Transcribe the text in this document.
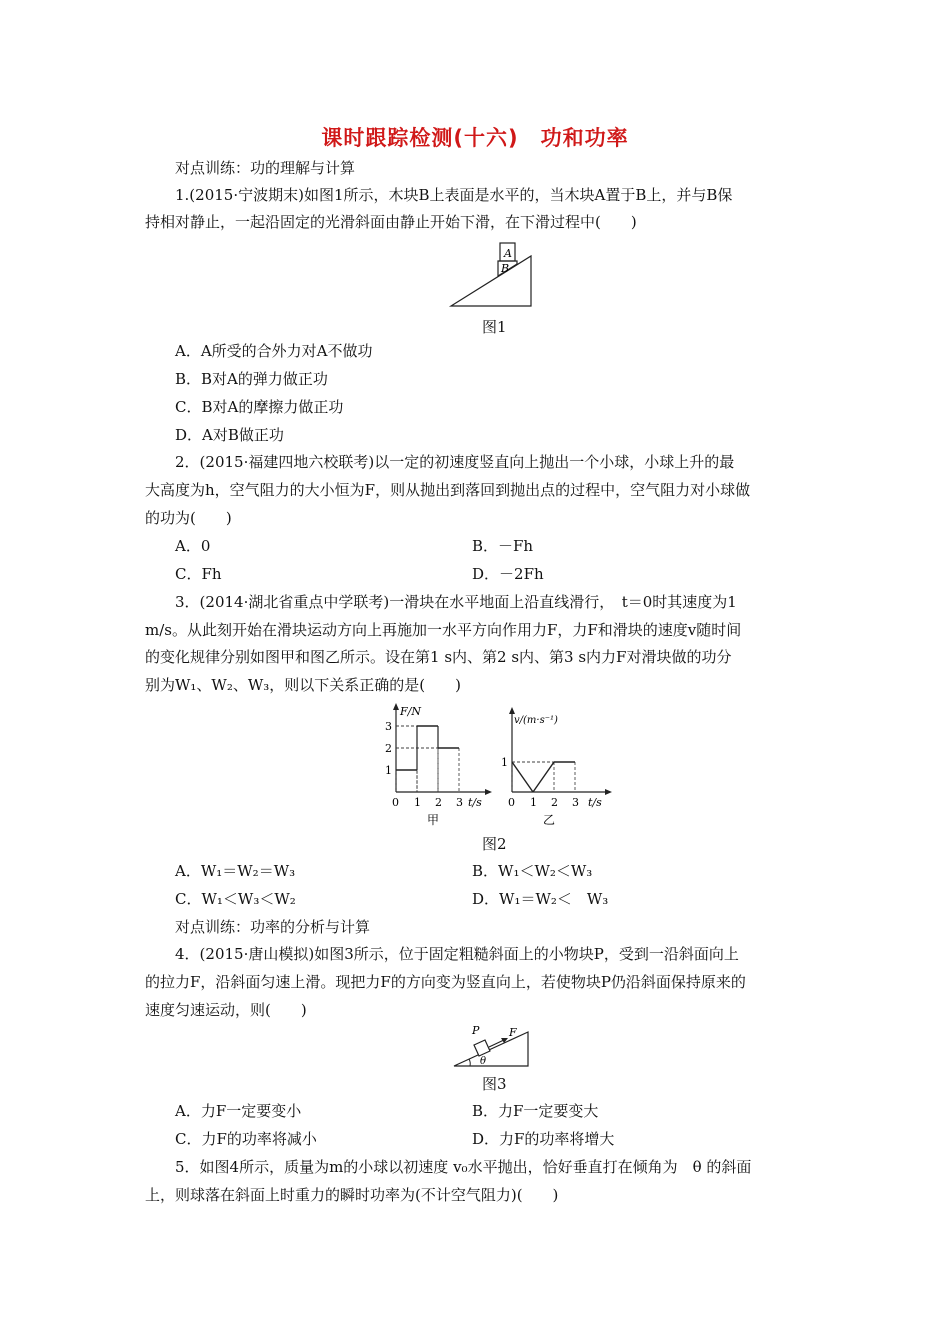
课时跟踪检测(十六)　功和功率
对点训练：功的理解与计算
1.(2015·宁波期末)如图1所示，木块B上表面是水平的，当木块A置于B上，并与B保
持相对静止，一起沿固定的光滑斜面由静止开始下滑，在下滑过程中(　　)
A
B
图1
A．A所受的合外力对A不做功
B．B对A的弹力做正功
C．B对A的摩擦力做正功
D．A对B做正功
2．(2015·福建四地六校联考)以一定的初速度竖直向上抛出一个小球，小球上升的最
大高度为h，空气阻力的大小恒为F，则从抛出到落回到抛出点的过程中，空气阻力对小球做
的功为(　　)
A．0	B．－Fh
C．Fh	D．－2Fh
3．(2014·湖北省重点中学联考)一滑块在水平地面上沿直线滑行，　t＝0时其速度为1
m/s。从此刻开始在滑块运动方向上再施加一水平方向作用力F，力F和滑块的速度v随时间
的变化规律分别如图甲和图乙所示。设在第1 s内、第2 s内、第3 s内力F对滑块做的功分
别为W₁、W₂、W₃，则以下关系正确的是(　　)
F/N
t/s
1
2
3
0 1 2 3
甲
v/(m·s⁻¹)
t/s
1
0 1 2 3
乙
图2
A．W₁＝W₂＝W₃	B．W₁＜W₂＜W₃
C．W₁＜W₃＜W₂	D．W₁＝W₂＜　W₃
对点训练：功率的分析与计算
4．(2015·唐山模拟)如图3所示，位于固定粗糙斜面上的小物块P，受到一沿斜面向上
的拉力F，沿斜面匀速上滑。现把力F的方向变为竖直向上，若使物块P仍沿斜面保持原来的
速度匀速运动，则(　　)
P	F
θ
图3
A．力F一定要变小	B．力F一定要变大
C．力F的功率将减小	D．力F的功率将增大
5．如图4所示，质量为m的小球以初速度 v₀水平抛出，恰好垂直打在倾角为　θ 的斜面
上，则球落在斜面上时重力的瞬时功率为(不计空气阻力)(　　)
